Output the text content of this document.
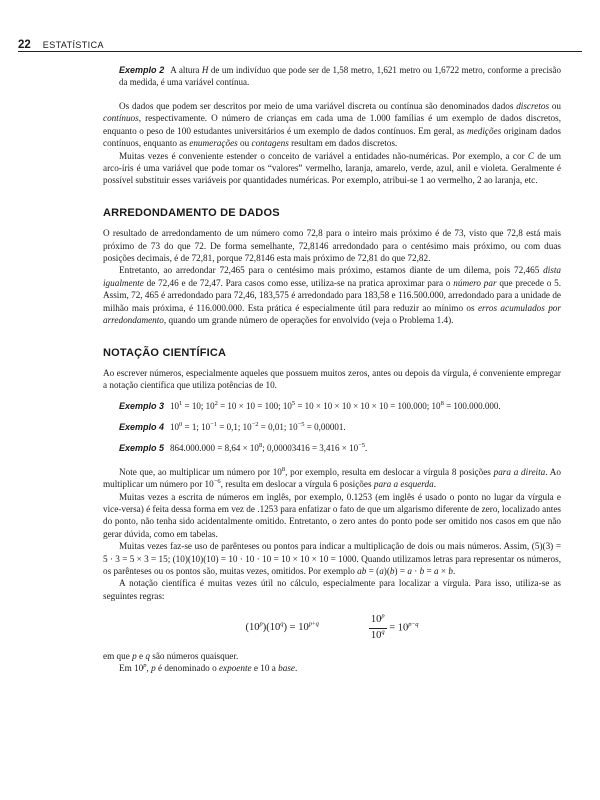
22 ESTATÍSTICA

Exemplo 2 A altura H de um indivíduo que pode ser de 1,58 metro, 1,621 metro ou 1,6722 metro, conforme a precisão da medida, é uma variável contínua.

Os dados que podem ser descritos por meio de uma variável discreta ou contínua são denominados dados discretos ou contínuos, respectivamente. O número de crianças em cada uma de 1.000 famílias é um exemplo de dados discretos, enquanto o peso de 100 estudantes universitários é um exemplo de dados contínuos. Em geral, as medições originam dados contínuos, enquanto as enumerações ou contagens resultam em dados discretos.

Muitas vezes é conveniente estender o conceito de variável a entidades não-numéricas. Por exemplo, a cor C de um arco-íris é uma variável que pode tomar os “valores” vermelho, laranja, amarelo, verde, azul, anil e violeta. Geralmente é possível substituir esses variáveis por quantidades numéricas. Por exemplo, atribui-se 1 ao vermelho, 2 ao laranja, etc.

ARREDONDAMENTO DE DADOS

O resultado de arredondamento de um número como 72,8 para o inteiro mais próximo é de 73, visto que 72,8 está mais próximo de 73 do que 72. De forma semelhante, 72,8146 arredondado para o centésimo mais próximo, ou com duas posições decimais, é de 72,81, porque 72,8146 esta mais próximo de 72,81 do que 72,82.

Entretanto, ao arredondar 72,465 para o centésimo mais próximo, estamos diante de um dilema, pois 72,465 dista igualmente de 72,46 e de 72,47. Para casos como esse, utiliza-se na pratica aproximar para o número par que precede o 5. Assim, 72, 465 é arredondado para 72,46, 183,575 é arredondado para 183,58 e 116.500.000, arredondado para a unidade de milhão mais próxima, é 116.000.000. Esta prática é especialmente útil para reduzir ao mínimo os erros acumulados por arredondamento, quando um grande número de operações for envolvido (veja o Problema 1.4).

NOTAÇÃO CIENTÍFICA

Ao escrever números, especialmente aqueles que possuem muitos zeros, antes ou depois da vírgula, é conveniente empregar a notação científica que utiliza potências de 10.

Exemplo 3 $10^1 = 10$; $10^2 = 10 \times 10 = 100$; $10^5 = 10 \times 10 \times 10 \times 10 \times 10 = 100.000$; $10^8 = 100.000.000$.

Exemplo 4 $10^0 = 1$; $10^{-1} = 0,1$; $10^{-2} = 0,01$; $10^{-5} = 0,00001$.

Exemplo 5 $864.000.000 = 8,64 \times 10^8$; $0,00003416 = 3,416 \times 10^{-5}$.

Note que, ao multiplicar um número por $10^8$, por exemplo, resulta em deslocar a vírgula 8 posições para a direita. Ao multiplicar um número por $10^{-6}$, resulta em deslocar a vírgula 6 posições para a esquerda.

Muitas vezes a escrita de números em inglês, por exemplo, 0.1253 (em inglês é usado o ponto no lugar da vírgula e vice-versa) é feita dessa forma em vez de .1253 para enfatizar o fato de que um algarismo diferente de zero, localizado antes do ponto, não tenha sido acidentalmente omitido. Entretanto, o zero antes do ponto pode ser omitido nos casos em que não gerar dúvida, como em tabelas.

Muitas vezes faz-se uso de parênteses ou pontos para indicar a multiplicação de dois ou mais números. Assim, (5)(3) = 5 · 3 = 5 × 3 = 15; (10)(10)(10) = 10 · 10 · 10 = 10 × 10 × 10 = 1000. Quando utilizamos letras para representar os números, os parênteses ou os pontos são, muitas vezes, omitidos. Por exemplo ab = (a)(b) = a · b = a × b.

A notação científica é muitas vezes útil no cálculo, especialmente para localizar a vírgula. Para isso, utiliza-se as seguintes regras:

$(10^p)(10^q) = 10^{p+q}$	$\frac{10^p}{10^q} = 10^{p-q}$

em que p e q são números quaisquer.

Em 10$^p$, p é denominado o expoente e 10 a base.
